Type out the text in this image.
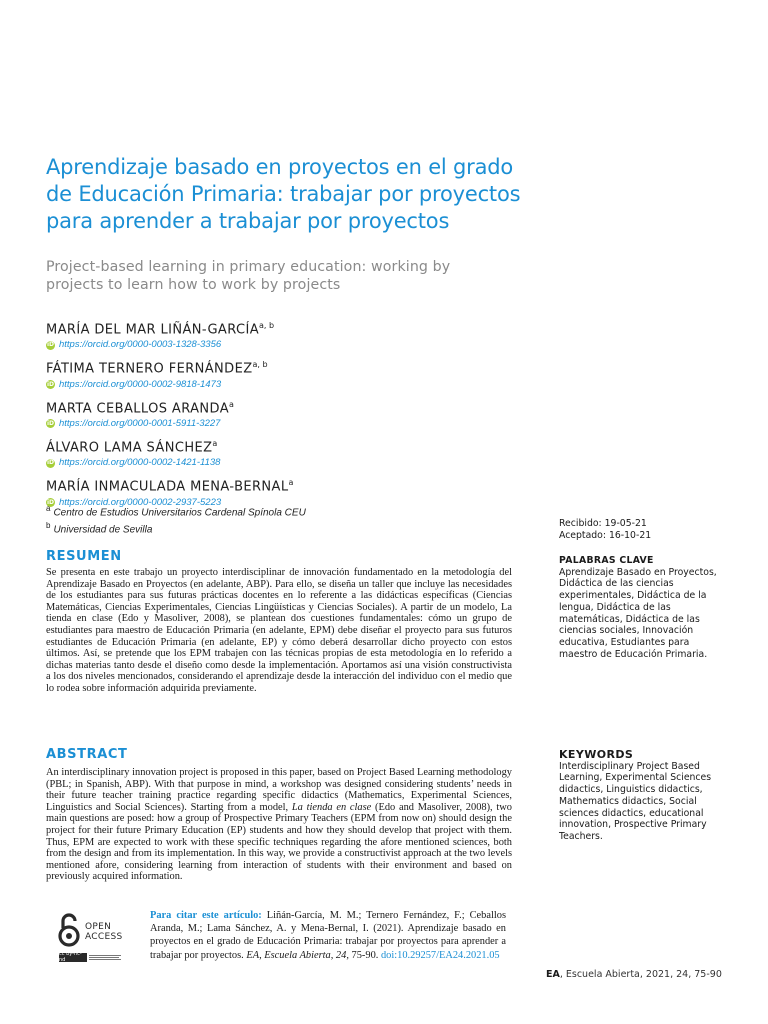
Aprendizaje basado en proyectos en el grado de Educación Primaria: trabajar por proyectos para aprender a trabajar por proyectos
Project-based learning in primary education: working by projects to learn how to work by projects
MARÍA DEL MAR LIÑÁN-GARCÍA$^{a, b}$
iD https://orcid.org/0000-0003-1328-3356
FÁTIMA TERNERO FERNÁNDEZ$^{a, b}$
iD https://orcid.org/0000-0002-9818-1473
MARTA CEBALLOS ARANDA$^a$
iD https://orcid.org/0000-0001-5911-3227
ÁLVARO LAMA SÁNCHEZ$^a$
iD https://orcid.org/0000-0002-1421-1138
MARÍA INMACULADA MENA-BERNAL$^a$
iD https://orcid.org/0000-0002-2937-5223
$^a$ Centro de Estudios Universitarios Cardenal Spínola CEU
$^b$ Universidad de Sevilla
Recibido: 19-05-21
Aceptado: 16-10-21
RESUMEN
Se presenta en este trabajo un proyecto interdisciplinar de innovación fundamentado en la metodología del Aprendizaje Basado en Proyectos (en adelante, ABP). Para ello, se diseña un taller que incluye las necesidades de los estudiantes para sus futuras prácticas docentes en lo referente a las didácticas específicas (Ciencias Matemáticas, Ciencias Experimentales, Ciencias Lingüísticas y Ciencias Sociales). A partir de un modelo, La tienda en clase (Edo y Masoliver, 2008), se plantean dos cuestiones fundamentales: cómo un grupo de estudiantes para maestro de Educación Primaria (en adelante, EPM) debe diseñar el proyecto para sus futuros estudiantes de Educación Primaria (en adelante, EP) y cómo deberá desarrollar dicho proyecto con estos últimos. Así, se pretende que los EPM trabajen con las técnicas propias de esta metodología en lo referido a dichas materias tanto desde el diseño como desde la implementación. Aportamos así una visión constructivista a los dos niveles mencionados, considerando el aprendizaje desde la interacción del individuo con el medio que lo rodea sobre información adquirida previamente.
PALABRAS CLAVE
Aprendizaje Basado en Proyectos, Didáctica de las ciencias experimentales, Didáctica de la lengua, Didáctica de las matemáticas, Didáctica de las ciencias sociales, Innovación educativa, Estudiantes para maestro de Educación Primaria.
ABSTRACT
An interdisciplinary innovation project is proposed in this paper, based on Project Based Learning methodology (PBL; in Spanish, ABP). With that purpose in mind, a workshop was designed considering students’ needs in their future teacher training practice regarding specific didactics (Mathematics, Experimental Sciences, Linguistics and Social Sciences). Starting from a model, La tienda en clase (Edo and Masoliver, 2008), two main questions are posed: how a group of Prospective Primary Teachers (EPM from now on) should design the project for their future Primary Education (EP) students and how they should develop that project with them. Thus, EPM are expected to work with these specific techniques regarding the afore mentioned sciences, both from the design and from its implementation. In this way, we provide a constructivist approach at the two levels mentioned afore, considering learning from interaction of students with their environment and based on previously acquired information.
KEYWORDS
Interdisciplinary Project Based Learning, Experimental Sciences didactics, Linguistics didactics, Mathematics didactics, Social sciences didactics, educational innovation, Prospective Primary Teachers.
OPEN
ACCESS
cc by-nc-nd
Para citar este artículo: Liñán-García, M. M.; Ternero Fernández, F.; Ceballos Aranda, M.; Lama Sánchez, A. y Mena-Bernal, I. (2021). Aprendizaje basado en proyectos en el grado de Educación Primaria: trabajar por proyectos para aprender a trabajar por proyectos. EA, Escuela Abierta, 24, 75-90. doi:10.29257/EA24.2021.05
EA, Escuela Abierta, 2021, 24, 75-90
